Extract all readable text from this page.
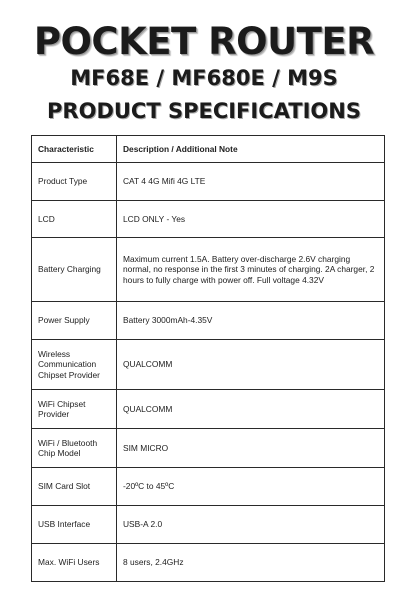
POCKET ROUTER
MF68E / MF680E / M9S
PRODUCT SPECIFICATIONS
Characteristic	Description / Additional Note
Product Type	CAT 4 4G Mifi 4G LTE
LCD	LCD ONLY - Yes
Battery Charging	Maximum current 1.5A. Battery over-discharge 2.6V charging normal, no response in the first 3 minutes of charging. 2A charger, 2 hours to fully charge with power off. Full voltage 4.32V
Power Supply	Battery 3000mAh-4.35V
Wireless Communication Chipset Provider	QUALCOMM
WiFi Chipset Provider	QUALCOMM
WiFi / Bluetooth Chip Model	SIM MICRO
SIM Card Slot	-20ºC to 45ºC
USB Interface	USB-A 2.0
Max. WiFi Users	8 users, 2.4GHz
